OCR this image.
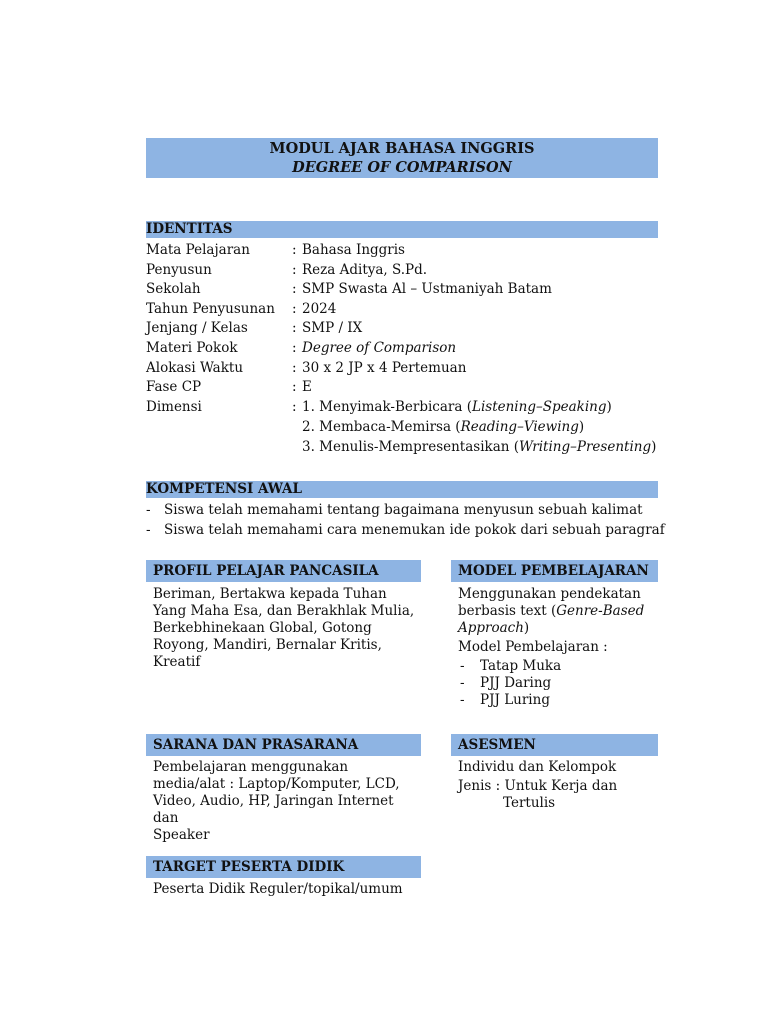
MODUL AJAR BAHASA INGGRIS
DEGREE OF COMPARISON
IDENTITAS
Mata Pelajaran	: Bahasa Inggris
Penyusun	: Reza Aditya, S.Pd.
Sekolah	: SMP Swasta Al – Ustmaniyah Batam
Tahun Penyusunan : 2024
Jenjang / Kelas	: SMP / IX
Materi Pokok	: Degree of Comparison
Alokasi Waktu	: 30 x 2 JP x 4 Pertemuan
Fase CP	: E
Dimensi	: 1. Menyimak-Berbicara (Listening–Speaking)
2. Membaca-Memirsa (Reading–Viewing)
3. Menulis-Mempresentasikan (Writing–Presenting)
KOMPETENSI AWAL
- Siswa telah memahami tentang bagaimana menyusun sebuah kalimat
- Siswa telah memahami cara menemukan ide pokok dari sebuah paragraf
PROFIL PELAJAR PANCASILA
Beriman, Bertakwa kepada Tuhan
Yang Maha Esa, dan Berakhlak Mulia,
Berkebhinekaan Global, Gotong
Royong, Mandiri, Bernalar Kritis,
Kreatif
MODEL PEMBELAJARAN
Menggunakan pendekatan
berbasis text (Genre-Based
Approach)
Model Pembelajaran :
- Tatap Muka
- PJJ Daring
- PJJ Luring
SARANA DAN PRASARANA
Pembelajaran menggunakan
media/alat : Laptop/Komputer, LCD,
Video, Audio, HP, Jaringan Internet dan
Speaker
ASESMEN
Individu dan Kelompok
Jenis : Untuk Kerja dan
Tertulis
TARGET PESERTA DIDIK
Peserta Didik Reguler/topikal/umum
